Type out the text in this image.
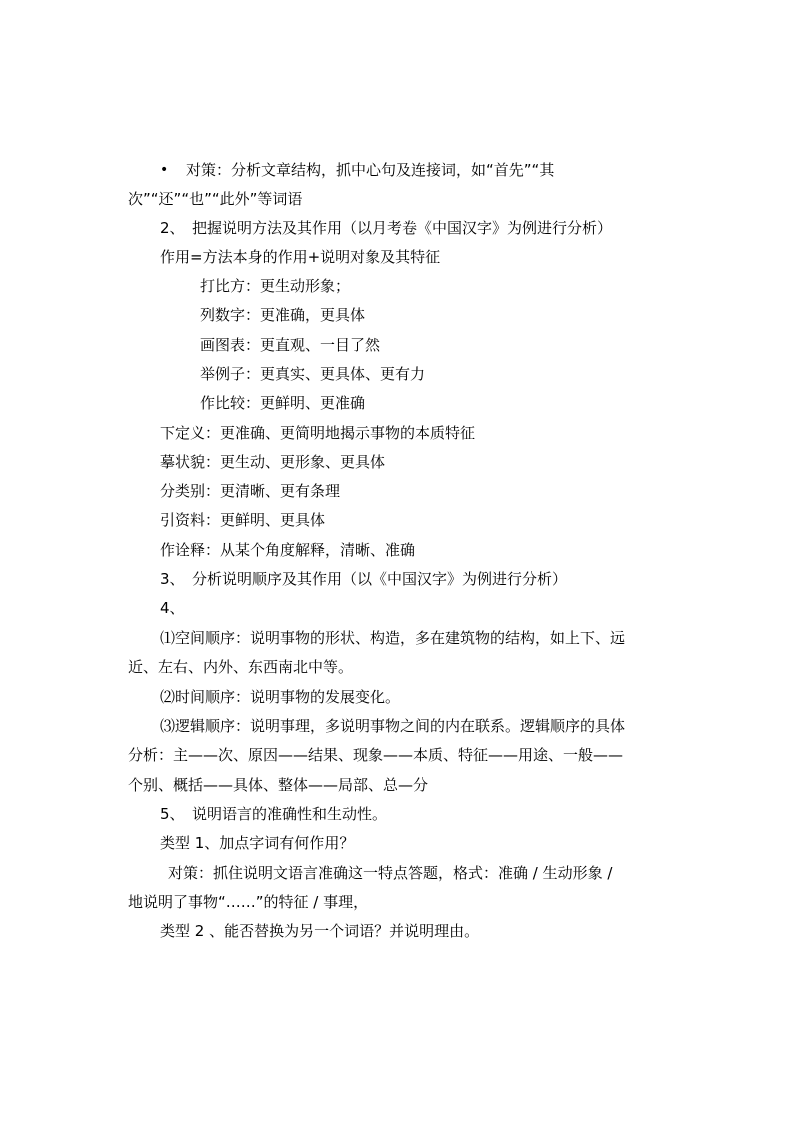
• 对策：分析文章结构，抓中心句及连接词，如“首先”“其
次”“还”“也”“此外”等词语
2、　把握说明方法及其作用（以月考卷《中国汉字》为例进行分析）
作用=方法本身的作用+说明对象及其特征
打比方：更生动形象；
列数字：更准确，更具体
画图表：更直观、一目了然
举例子：更真实、更具体、更有力
作比较：更鲜明、更准确
下定义：更准确、更简明地揭示事物的本质特征
摹状貌：更生动、更形象、更具体
分类别：更清晰、更有条理
引资料：更鲜明、更具体
作诠释：从某个角度解释，清晰、准确
3、　分析说明顺序及其作用（以《中国汉字》为例进行分析）
4、
⑴空间顺序：说明事物的形状、构造，多在建筑物的结构，如上下、远
近、左右、内外、东西南北中等。
⑵时间顺序：说明事物的发展变化。
⑶逻辑顺序：说明事理，多说明事物之间的内在联系。逻辑顺序的具体
分析：主——次、原因——结果、现象——本质、特征——用途、一般——
个别、概括——具体、整体——局部、总—分
5、　说明语言的准确性和生动性。
类型 1、加点字词有何作用？
对策：抓住说明文语言准确这一特点答题，格式：准确 / 生动形象 /
地说明了事物“……”的特征 / 事理，
类型 2 、能否替换为另一个词语？并说明理由。
